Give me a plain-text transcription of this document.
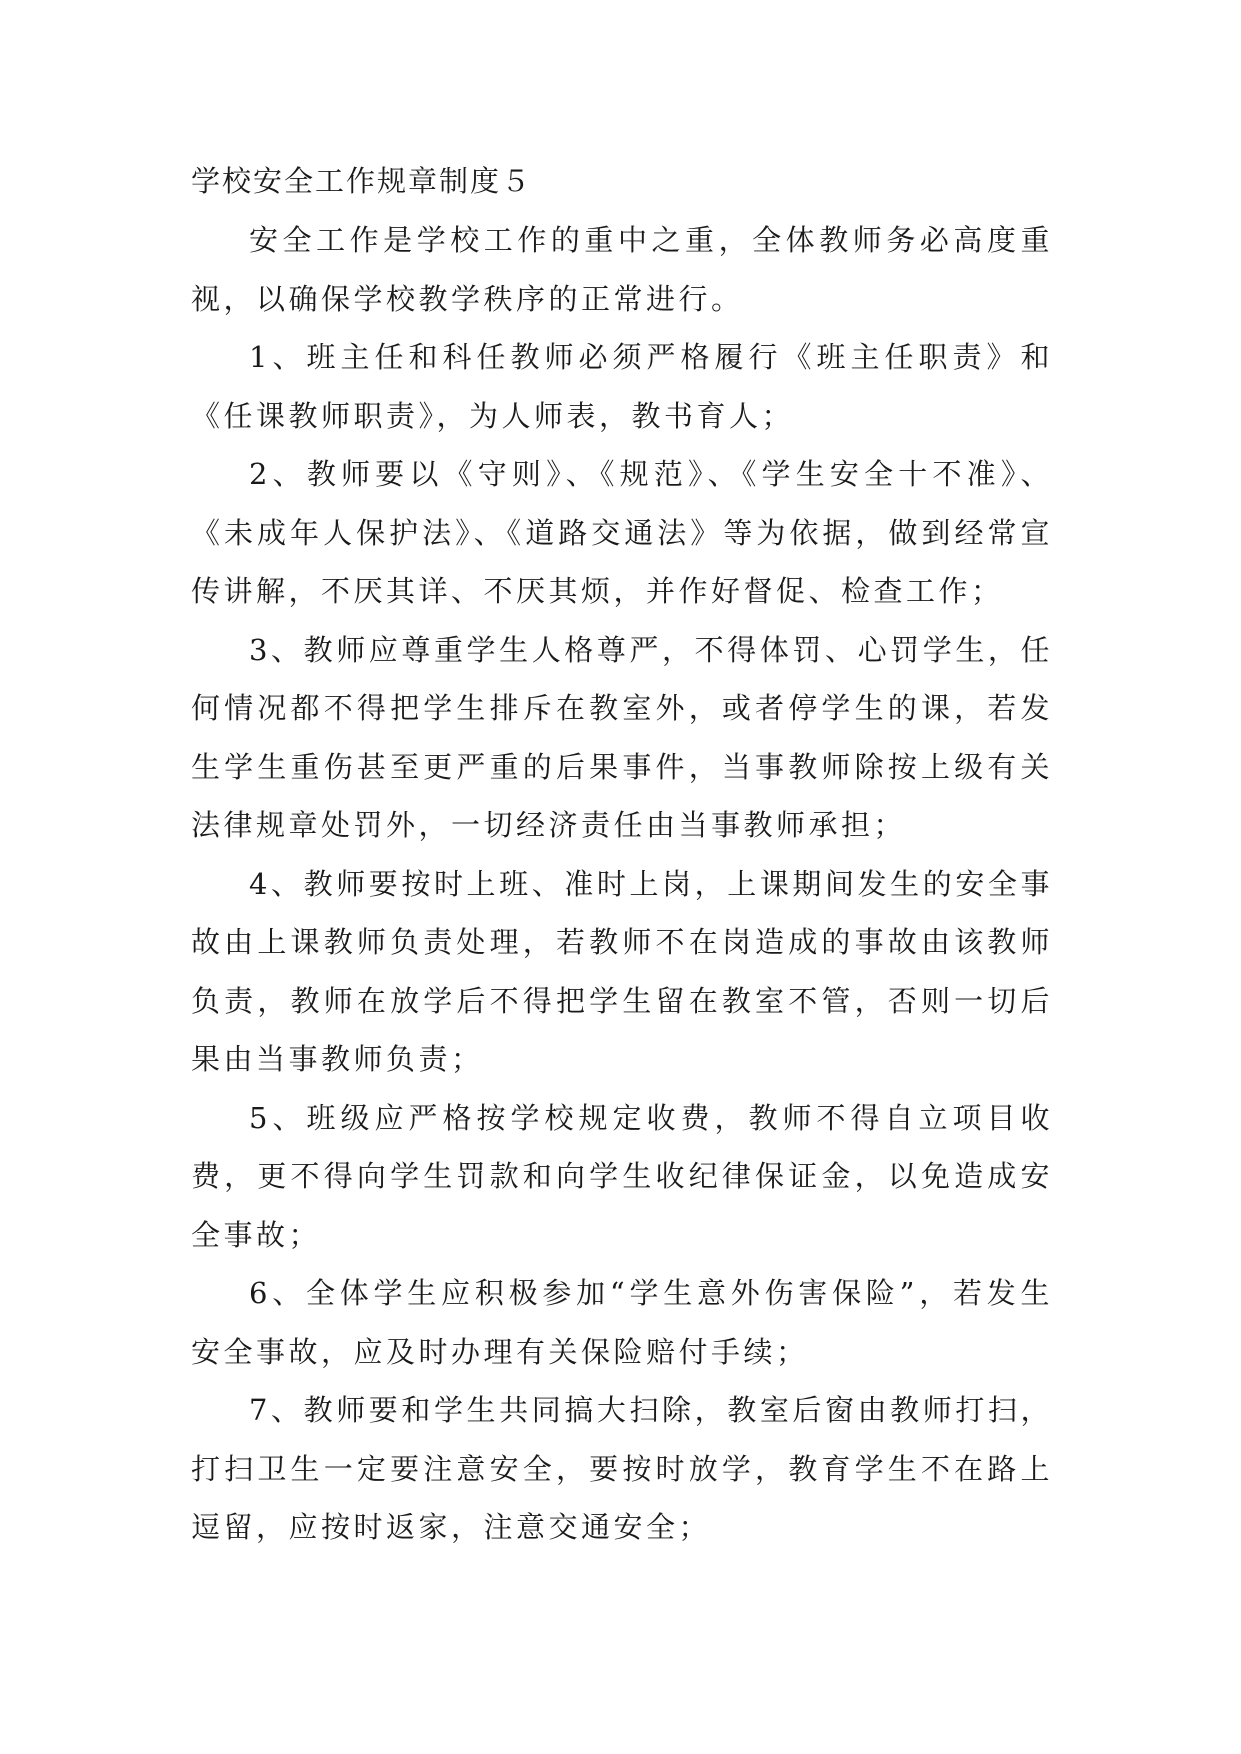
学校安全工作规章制度５

安全工作是学校工作的重中之重，全体教师务必高度重视，以确保学校教学秩序的正常进行。

1、班主任和科任教师必须严格履行《班主任职责》和《任课教师职责》，为人师表，教书育人；

2、教师要以《守则》、《规范》、《学生安全十不准》、《未成年人保护法》、《道路交通法》等为依据，做到经常宣传讲解，不厌其详、不厌其烦，并作好督促、检查工作；

3、教师应尊重学生人格尊严，不得体罚、心罚学生，任何情况都不得把学生排斥在教室外，或者停学生的课，若发生学生重伤甚至更严重的后果事件，当事教师除按上级有关法律规章处罚外，一切经济责任由当事教师承担；

4、教师要按时上班、准时上岗，上课期间发生的安全事故由上课教师负责处理，若教师不在岗造成的事故由该教师负责，教师在放学后不得把学生留在教室不管，否则一切后果由当事教师负责；

5、班级应严格按学校规定收费，教师不得自立项目收费，更不得向学生罚款和向学生收纪律保证金，以免造成安全事故；

6、全体学生应积极参加“学生意外伤害保险”，若发生安全事故，应及时办理有关保险赔付手续；

7、教师要和学生共同搞大扫除，教室后窗由教师打扫，打扫卫生一定要注意安全，要按时放学，教育学生不在路上逗留，应按时返家，注意交通安全；
